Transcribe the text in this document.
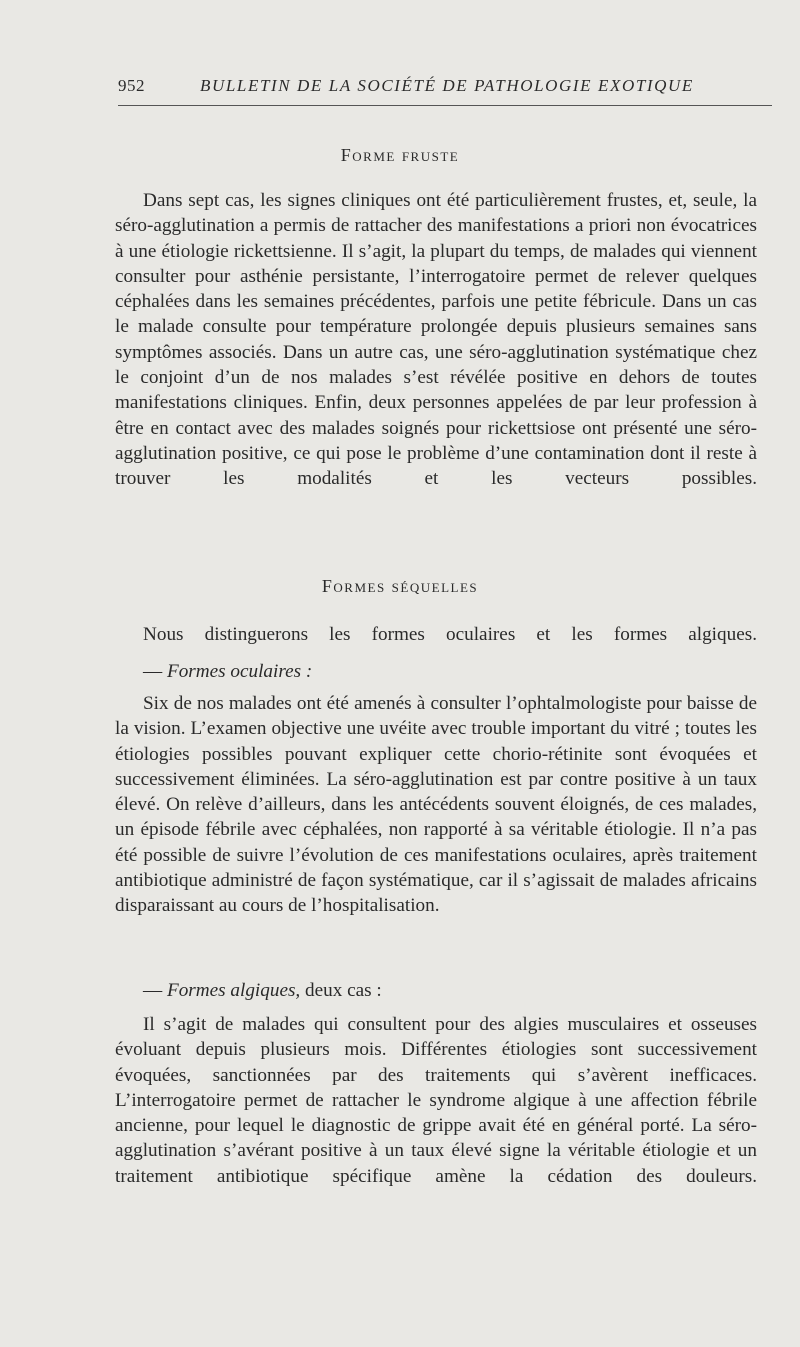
952	BULLETIN DE LA SOCIÉTÉ DE PATHOLOGIE EXOTIQUE
Forme fruste

Dans sept cas, les signes cliniques ont été particulièrement frustes, et, seule, la séro-agglutination a permis de rattacher des manifestations a priori non évocatrices à une étiologie rickettsienne. Il s’agit, la plupart du temps, de malades qui viennent consulter pour asthénie persistante, l’interrogatoire permet de relever quelques céphalées dans les semaines précédentes, parfois une petite fébricule. Dans un cas le malade consulte pour température prolongée depuis plusieurs semaines sans symptômes associés. Dans un autre cas, une séro-agglutination systématique chez le conjoint d’un de nos malades s’est révélée positive en dehors de toutes manifestations cliniques. Enfin, deux personnes appelées de par leur profession à être en contact avec des malades soignés pour rickettsiose ont présenté une séro-agglutination positive, ce qui pose le problème d’une contamination dont il reste à trouver les modalités et les vecteurs possibles.

Formes séquelles

Nous distinguerons les formes oculaires et les formes algiques.

— Formes oculaires :

Six de nos malades ont été amenés à consulter l’ophtalmologiste pour baisse de la vision. L’examen objective une uvéite avec trouble important du vitré ; toutes les étiologies possibles pouvant expliquer cette chorio-rétinite sont évoquées et successivement éliminées. La séro-agglutination est par contre positive à un taux élevé. On relève d’ailleurs, dans les antécédents souvent éloignés, de ces malades, un épisode fébrile avec céphalées, non rapporté à sa véritable étiologie. Il n’a pas été possible de suivre l’évolution de ces manifestations oculaires, après traitement antibiotique administré de façon systématique, car il s’agissait de malades africains disparaissant au cours de l’hospitalisation.

— Formes algiques, deux cas :

Il s’agit de malades qui consultent pour des algies musculaires et osseuses évoluant depuis plusieurs mois. Différentes étiologies sont successivement évoquées, sanctionnées par des traitements qui s’avèrent inefficaces. L’interrogatoire permet de rattacher le syndrome algique à une affection fébrile ancienne, pour lequel le diagnostic de grippe avait été en général porté. La séro-agglutination s’avérant positive à un taux élevé signe la véritable étiologie et un traitement antibiotique spécifique amène la cédation des douleurs.
